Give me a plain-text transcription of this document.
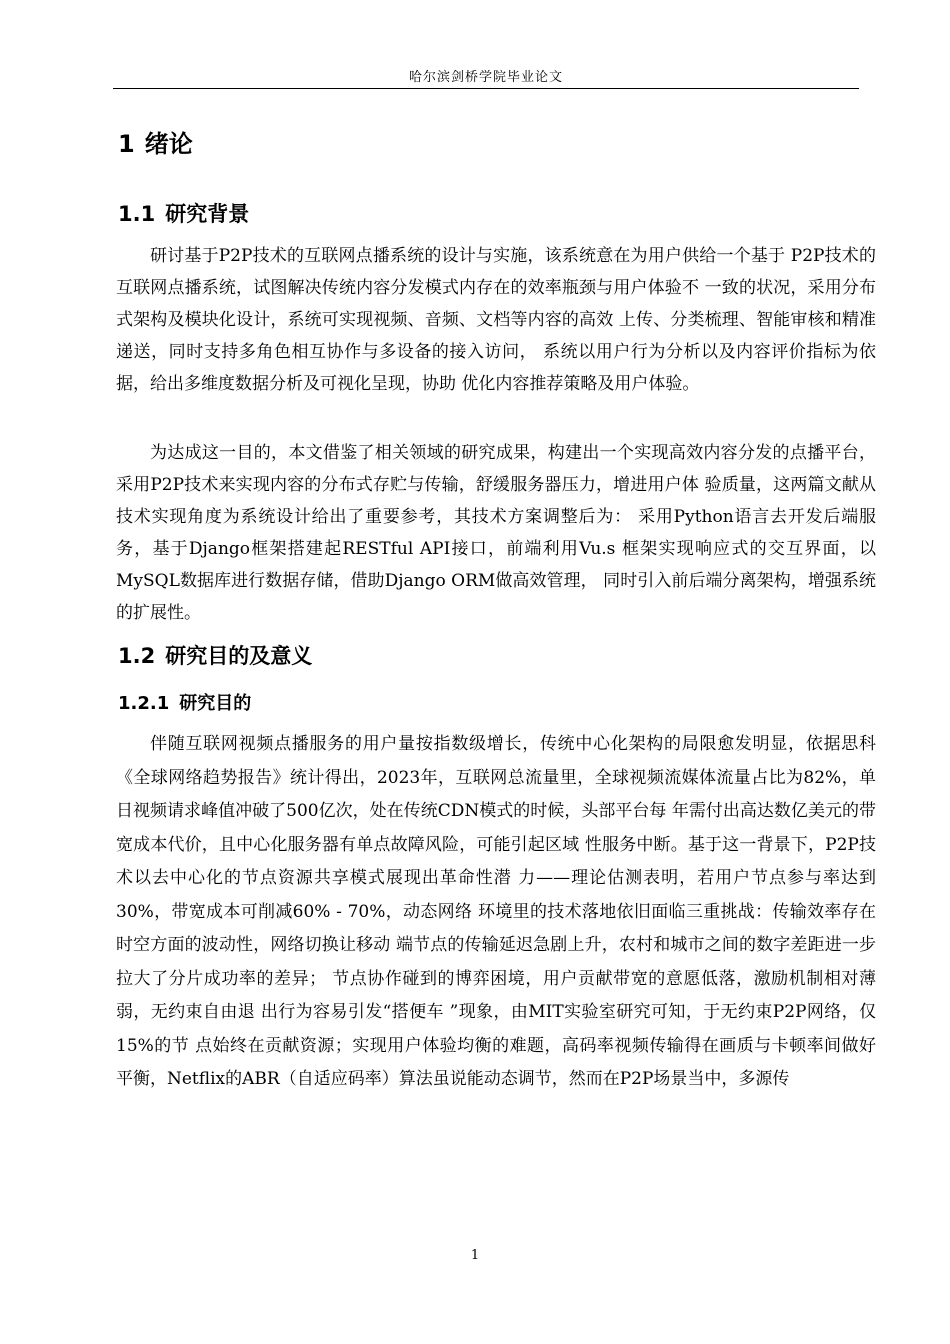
哈尔滨剑桥学院毕业论文
1 绪论
1.1 研究背景

研讨基于P2P技术的互联网点播系统的设计与实施，该系统意在为用户供给一个基于 P2P技术的互联网点播系统，试图解决传统内容分发模式内存在的效率瓶颈与用户体验不 一致的状况，采用分布式架构及模块化设计，系统可实现视频、音频、文档等内容的高效 上传、分类梳理、智能审核和精准递送，同时支持多角色相互协作与多设备的接入访问， 系统以用户行为分析以及内容评价指标为依据，给出多维度数据分析及可视化呈现，协助 优化内容推荐策略及用户体验。

为达成这一目的，本文借鉴了相关领域的研究成果，构建出一个实现高效内容分发的点播平台，采用P2P技术来实现内容的分布式存贮与传输，舒缓服务器压力，增进用户体 验质量，这两篇文献从技术实现角度为系统设计给出了重要参考，其技术方案调整后为： 采用Python语言去开发后端服务，基于Django框架搭建起RESTful API接口，前端利用Vu.s 框架实现响应式的交互界面，以MySQL数据库进行数据存储，借助Django ORM做高效管理， 同时引入前后端分离架构，增强系统的扩展性。

1.2 研究目的及意义
1.2.1 研究目的

伴随互联网视频点播服务的用户量按指数级增长，传统中心化架构的局限愈发明显，依据思科《全球网络趋势报告》统计得出，2023年，互联网总流量里，全球视频流媒体流量占比为82%，单日视频请求峰值冲破了500亿次，处在传统CDN模式的时候，头部平台每 年需付出高达数亿美元的带宽成本代价，且中心化服务器有单点故障风险，可能引起区域 性服务中断。基于这一背景下，P2P技术以去中心化的节点资源共享模式展现出革命性潜 力——理论估测表明，若用户节点参与率达到30%，带宽成本可削减60% - 70%，动态网络 环境里的技术落地依旧面临三重挑战：传输效率存在时空方面的波动性，网络切换让移动 端节点的传输延迟急剧上升，农村和城市之间的数字差距进一步拉大了分片成功率的差异； 节点协作碰到的博弈困境，用户贡献带宽的意愿低落，激励机制相对薄弱，无约束自由退 出行为容易引发“搭便车 ”现象，由MIT实验室研究可知，于无约束P2P网络，仅15%的节 点始终在贡献资源；实现用户体验均衡的难题，高码率视频传输得在画质与卡顿率间做好 平衡，Netflix的ABR（自适应码率）算法虽说能动态调节，然而在P2P场景当中，多源传

1
